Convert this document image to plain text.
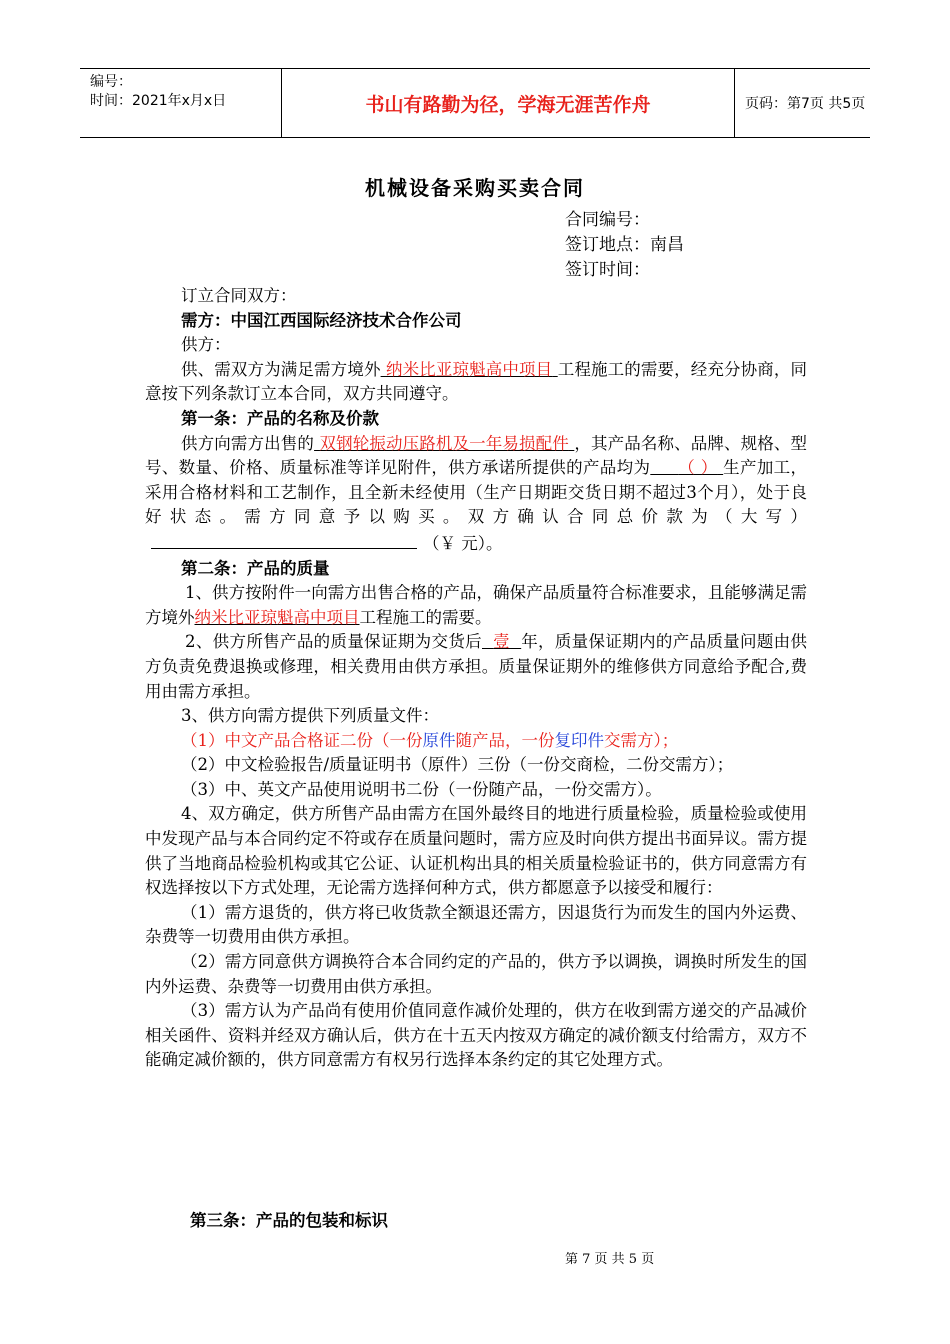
编号：
时间：2021年x月x日	书山有路勤为径，学海无涯苦作舟	页码：第7页 共5页
机械设备采购买卖合同
合同编号：
签订地点：南昌
签订时间：

订立合同双方：

需方：中国江西国际经济技术合作公司

供方：

供、需双方为满足需方境外 纳米比亚琼魁高中项目 工程施工的需要，经充分协商，同意按下列条款订立本合同，双方共同遵守。

第一条：产品的名称及价款

供方向需方出售的 双钢轮振动压路机及一年易损配件 ，其产品名称、品牌、规格、型号、数量、价格、质量标准等详见附件，供方承诺所提供的产品均为 （ ） 生产加工，采用合格材料和工艺制作，且全新未经使用（生产日期距交货日期不超过3个月），处于良好状态。需方同意予以购买。双方确认合同总价款为（大写）（￥ 元）。

第二条：产品的质量

1、供方按附件一向需方出售合格的产品，确保产品质量符合标准要求，且能够满足需方境外纳米比亚琼魁高中项目工程施工的需要。

2、供方所售产品的质量保证期为交货后 壹 年，质量保证期内的产品质量问题由供方负责免费退换或修理，相关费用由供方承担。质量保证期外的维修供方同意给予配合,费用由需方承担。

3、供方向需方提供下列质量文件：

（1）中文产品合格证二份（一份原件随产品，一份复印件交需方）；

（2）中文检验报告/质量证明书（原件）三份（一份交商检，二份交需方）；

（3）中、英文产品使用说明书二份（一份随产品，一份交需方）。

4、双方确定，供方所售产品由需方在国外最终目的地进行质量检验，质量检验或使用中发现产品与本合同约定不符或存在质量问题时，需方应及时向供方提出书面异议。需方提供了当地商品检验机构或其它公证、认证机构出具的相关质量检验证书的，供方同意需方有权选择按以下方式处理，无论需方选择何种方式，供方都愿意予以接受和履行：

（1）需方退货的，供方将已收货款全额退还需方，因退货行为而发生的国内外运费、杂费等一切费用由供方承担。

（2）需方同意供方调换符合本合同约定的产品的，供方予以调换，调换时所发生的国内外运费、杂费等一切费用由供方承担。

（3）需方认为产品尚有使用价值同意作减价处理的，供方在收到需方递交的产品减价相关函件、资料并经双方确认后，供方在十五天内按双方确定的减价额支付给需方，双方不能确定减价额的，供方同意需方有权另行选择本条约定的其它处理方式。

第三条：产品的包装和标识
第 7 页 共 5 页
